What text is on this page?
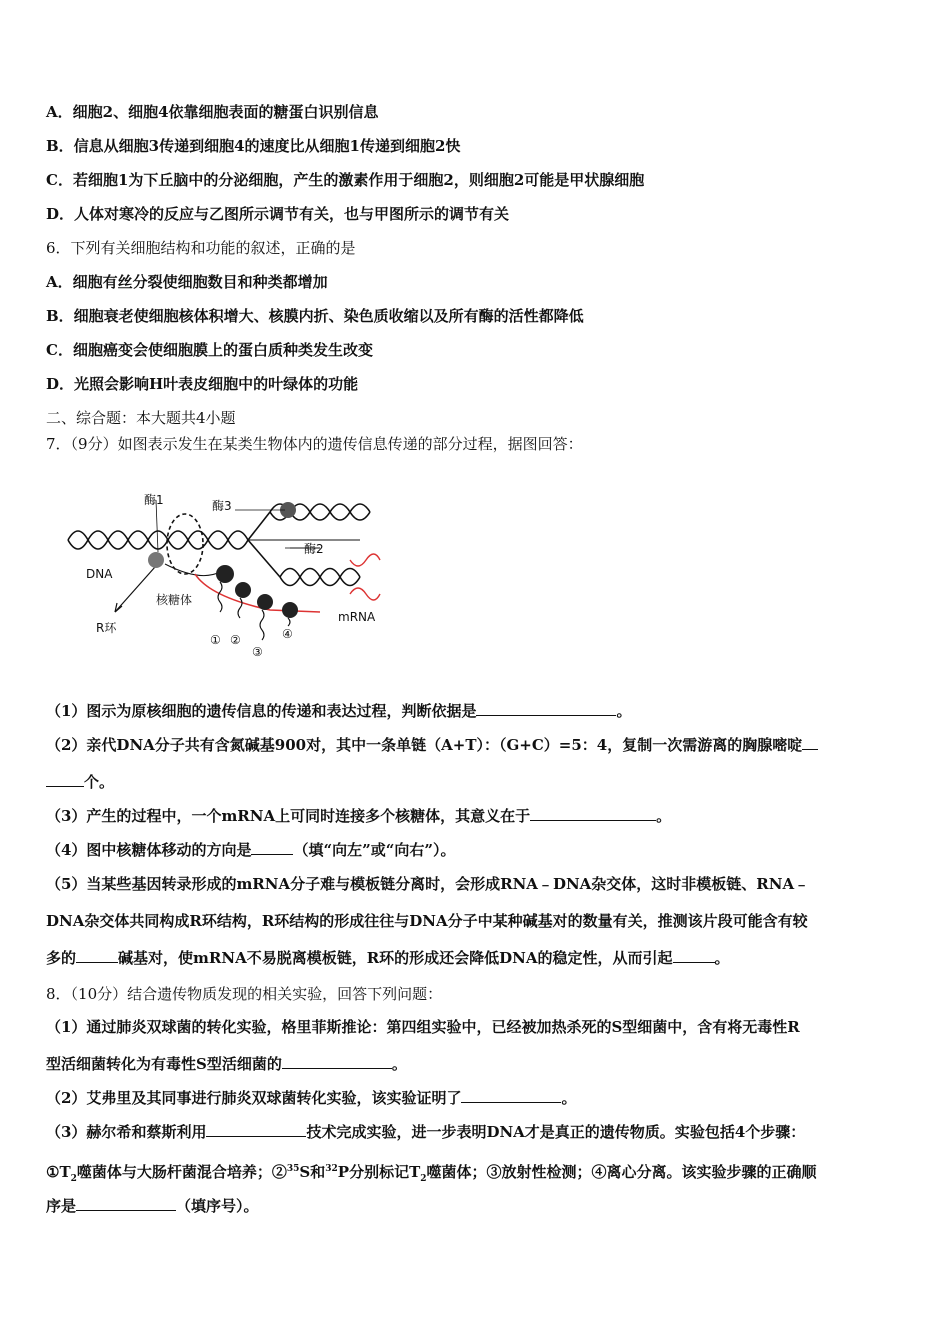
A．细胞2、细胞4依靠细胞表面的糖蛋白识别信息
B．信息从细胞3传递到细胞4的速度比从细胞1传递到细胞2快
C．若细胞1为下丘脑中的分泌细胞，产生的激素作用于细胞2，则细胞2可能是甲状腺细胞
D．人体对寒冷的反应与乙图所示调节有关，也与甲图所示的调节有关
6．下列有关细胞结构和功能的叙述，正确的是
A．细胞有丝分裂使细胞数目和种类都增加
B．细胞衰老使细胞核体积增大、核膜内折、染色质收缩以及所有酶的活性都降低
C．细胞癌变会使细胞膜上的蛋白质种类发生改变
D．光照会影响H叶表皮细胞中的叶绿体的功能
二、综合题：本大题共4小题
7．（9分）如图表示发生在某类生物体内的遗传信息传递的部分过程，据图回答：
酶1	酶3
酶2
DNA
核糖体
R环
mRNA
① ②
③
④
（1）图示为原核细胞的遗传信息的传递和表达过程，判断依据是	。
（2）亲代DNA分子共有含氮碱基900对，其中一条单链（A+T）：（G+C）=5：4，复制一次需游离的胸腺嘧啶
个。
（3）产生的过程中，一个mRNA上可同时连接多个核糖体，其意义在于	。
（4）图中核糖体移动的方向是	（填“向左”或“向右”）。
（5）当某些基因转录形成的mRNA分子难与模板链分离时，会形成RNA﹣DNA杂交体，这时非模板链、RNA﹣
DNA杂交体共同构成R环结构，R环结构的形成往往与DNA分子中某种碱基对的数量有关，推测该片段可能含有较
多的	碱基对，使mRNA不易脱离模板链，R环的形成还会降低DNA的稳定性，从而引起	。
8．（10分）结合遗传物质发现的相关实验，回答下列问题：
（1）通过肺炎双球菌的转化实验，格里菲斯推论：第四组实验中，已经被加热杀死的S型细菌中，含有将无毒性R
型活细菌转化为有毒性S型活细菌的	。
（2）艾弗里及其同事进行肺炎双球菌转化实验，该实验证明了	。
（3）赫尔希和蔡斯利用	技术完成实验，进一步表明DNA才是真正的遗传物质。实验包括4个步骤：
$①T_2$噬菌体与大肠杆菌混合培养；②$^{35}$S和$^{32}$P分别标记$T_2$噬菌体；③放射性检测；④离心分离。该实验步骤的正确顺
序是	（填序号）。
